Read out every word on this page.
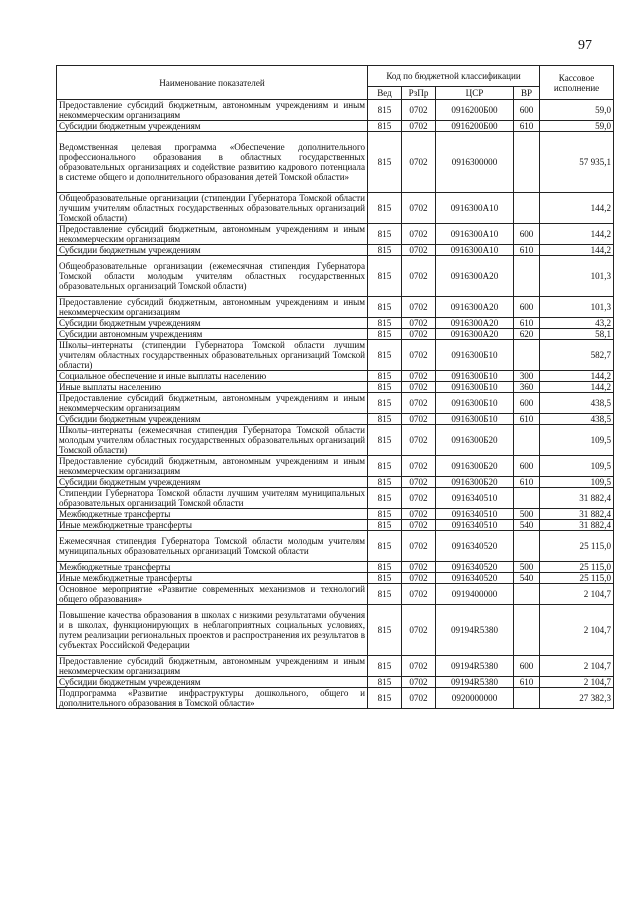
97
Наименование показателей	Код по бюджетной классификации				Кассовое исполнение
	Вед	РзПр	ЦСР	ВР	
Предоставление субсидий бюджетным, автономным учреждениям и иным некоммерческим организациям	815	0702	0916200Б00	600	59,0
Субсидии бюджетным учреждениям	815	0702	0916200Б00	610	59,0
Ведомственная целевая программа «Обеспечение дополнительного профессионального образования в областных государственных образовательных организациях и содействие развитию кадрового потенциала в системе общего и дополнительного образования детей Томской области»	815	0702	0916300000		57 935,1
Общеобразовательные организации (стипендии Губернатора Томской области лучшим учителям областных государственных образовательных организаций Томской области)	815	0702	0916300А10		144,2
Предоставление субсидий бюджетным, автономным учреждениям и иным некоммерческим организациям	815	0702	0916300А10	600	144,2
Субсидии бюджетным учреждениям	815	0702	0916300А10	610	144,2
Общеобразовательные организации (ежемесячная стипендия Губернатора Томской области молодым учителям областных государственных образовательных организаций Томской области)	815	0702	0916300А20		101,3
Предоставление субсидий бюджетным, автономным учреждениям и иным некоммерческим организациям	815	0702	0916300А20	600	101,3
Субсидии бюджетным учреждениям	815	0702	0916300А20	610	43,2
Субсидии автономным учреждениям	815	0702	0916300А20	620	58,1
Школы–интернаты (стипендии Губернатора Томской области лучшим учителям областных государственных образовательных организаций Томской области)	815	0702	0916300Б10		582,7
Социальное обеспечение и иные выплаты населению	815	0702	0916300Б10	300	144,2
Иные выплаты населению	815	0702	0916300Б10	360	144,2
Предоставление субсидий бюджетным, автономным учреждениям и иным некоммерческим организациям	815	0702	0916300Б10	600	438,5
Субсидии бюджетным учреждениям	815	0702	0916300Б10	610	438,5
Школы–интернаты (ежемесячная стипендия Губернатора Томской области молодым учителям областных государственных образовательных организаций Томской области)	815	0702	0916300Б20		109,5
Предоставление субсидий бюджетным, автономным учреждениям и иным некоммерческим организациям	815	0702	0916300Б20	600	109,5
Субсидии бюджетным учреждениям	815	0702	0916300Б20	610	109,5
Стипендии Губернатора Томской области лучшим учителям муниципальных образовательных организаций Томской области	815	0702	0916340510		31 882,4
Межбюджетные трансферты	815	0702	0916340510	500	31 882,4
Иные межбюджетные трансферты	815	0702	0916340510	540	31 882,4
Ежемесячная стипендия Губернатора Томской области молодым учителям муниципальных образовательных организаций Томской области	815	0702	0916340520		25 115,0
Межбюджетные трансферты	815	0702	0916340520	500	25 115,0
Иные межбюджетные трансферты	815	0702	0916340520	540	25 115,0
Основное мероприятие «Развитие современных механизмов и технологий общего образования»	815	0702	0919400000		2 104,7
Повышение качества образования в школах с низкими результатами обучения и в школах, функционирующих в неблагоприятных социальных условиях, путем реализации региональных проектов и распространения их результатов в субъектах Российской Федерации	815	0702	09194R5380		2 104,7
Предоставление субсидий бюджетным, автономным учреждениям и иным некоммерческим организациям	815	0702	09194R5380	600	2 104,7
Субсидии бюджетным учреждениям	815	0702	09194R5380	610	2 104,7
Подпрограмма «Развитие инфраструктуры дошкольного, общего и дополнительного образования в Томской области»	815	0702	0920000000		27 382,3
